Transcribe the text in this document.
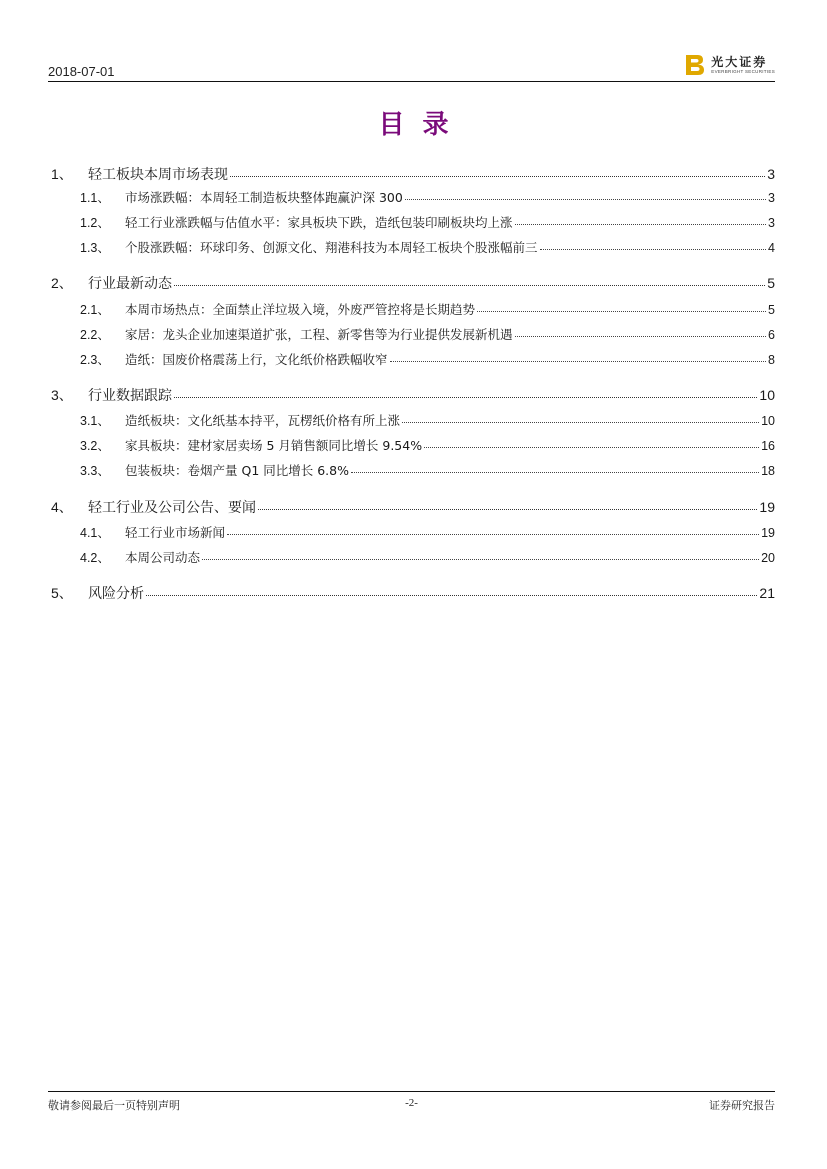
2018-07-01
光大证券
EVERBRIGHT SECURITIES
目录
1、	轻工板块本周市场表现	3
1.1、	市场涨跌幅：本周轻工制造板块整体跑赢沪深 300	3
1.2、	轻工行业涨跌幅与估值水平：家具板块下跌，造纸包装印刷板块均上涨	3
1.3、	个股涨跌幅：环球印务、创源文化、翔港科技为本周轻工板块个股涨幅前三	4
2、	行业最新动态	5
2.1、	本周市场热点：全面禁止洋垃圾入境，外废严管控将是长期趋势	5
2.2、	家居：龙头企业加速渠道扩张，工程、新零售等为行业提供发展新机遇	6
2.3、	造纸：国废价格震荡上行，文化纸价格跌幅收窄	8
3、	行业数据跟踪	10
3.1、	造纸板块：文化纸基本持平，瓦楞纸价格有所上涨	10
3.2、	家具板块：建材家居卖场 5 月销售额同比增长 9.54%	16
3.3、	包装板块：卷烟产量 Q1 同比增长 6.8%	18
4、	轻工行业及公司公告、要闻	19
4.1、	轻工行业市场新闻	19
4.2、	本周公司动态	20
5、	风险分析	21
敬请参阅最后一页特别声明	-2-	证券研究报告
